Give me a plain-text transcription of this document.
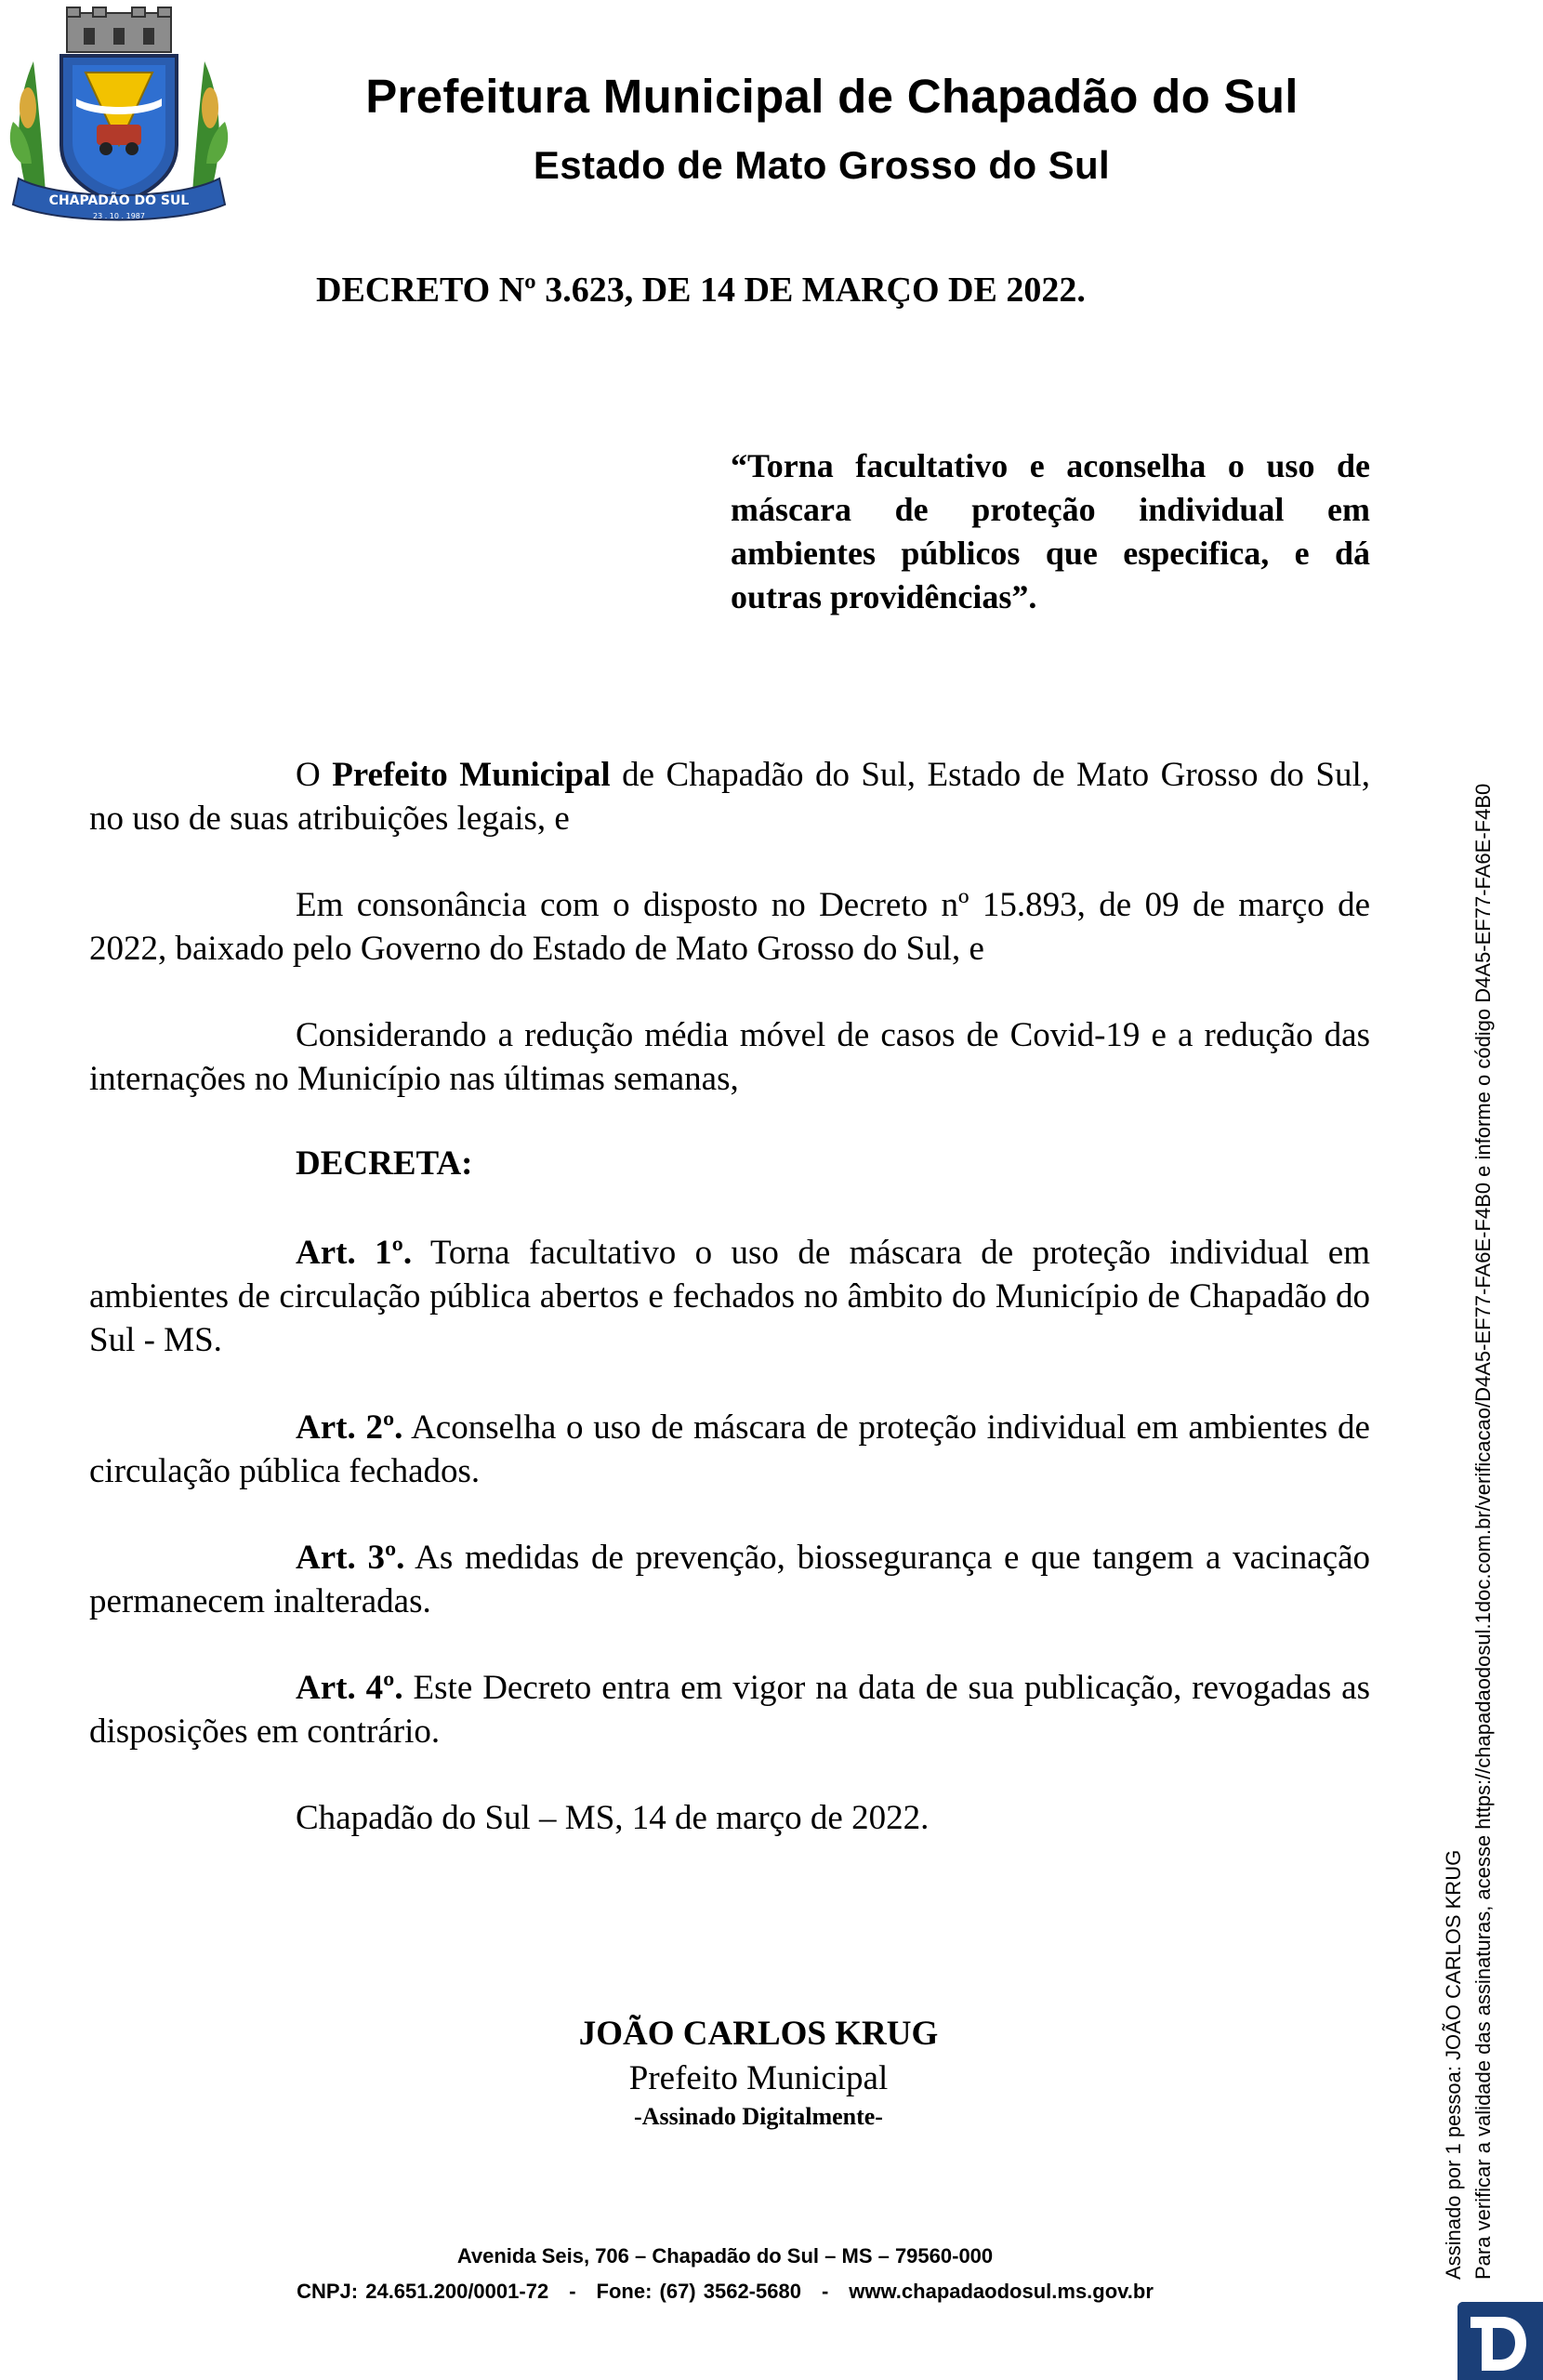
CHAPADÃO DO SUL
23 . 10 . 1987
Prefeitura Municipal de Chapadão do Sul
Estado de Mato Grosso do Sul

DECRETO Nº 3.623, DE 14 DE MARÇO DE 2022.

“Torna facultativo e aconselha o uso de máscara de proteção individual em ambientes públicos que especifica, e dá outras providências”.

O Prefeito Municipal de Chapadão do Sul, Estado de Mato Grosso do Sul, no uso de suas atribuições legais, e

Em consonância com o disposto no Decreto nº 15.893, de 09 de março de 2022, baixado pelo Governo do Estado de Mato Grosso do Sul, e

Considerando a redução média móvel de casos de Covid-19 e a redução das internações no Município nas últimas semanas,

DECRETA:

Art. 1º. Torna facultativo o uso de máscara de proteção individual em ambientes de circulação pública abertos e fechados no âmbito do Município de Chapadão do Sul - MS.

Art. 2º. Aconselha o uso de máscara de proteção individual em ambientes de circulação pública fechados.

Art. 3º. As medidas de prevenção, biossegurança e que tangem a vacinação permanecem inalteradas.

Art. 4º. Este Decreto entra em vigor na data de sua publicação, revogadas as disposições em contrário.

Chapadão do Sul – MS, 14 de março de 2022.

JOÃO CARLOS KRUG

Prefeito Municipal

-Assinado Digitalmente-

Avenida Seis, 706 – Chapadão do Sul – MS – 79560-000

CNPJ: 24.651.200/0001-72 - Fone: (67) 3562-5680 - www.chapadaodosul.ms.gov.br

Assinado por 1 pessoa: JOÃO CARLOS KRUG Para verificar a validade das assinaturas, acesse https://chapadaodosul.1doc.com.br/verificacao/D4A5-EF77-FA6E-F4B0 e informe o código D4A5-EF77-FA6E-F4B0
